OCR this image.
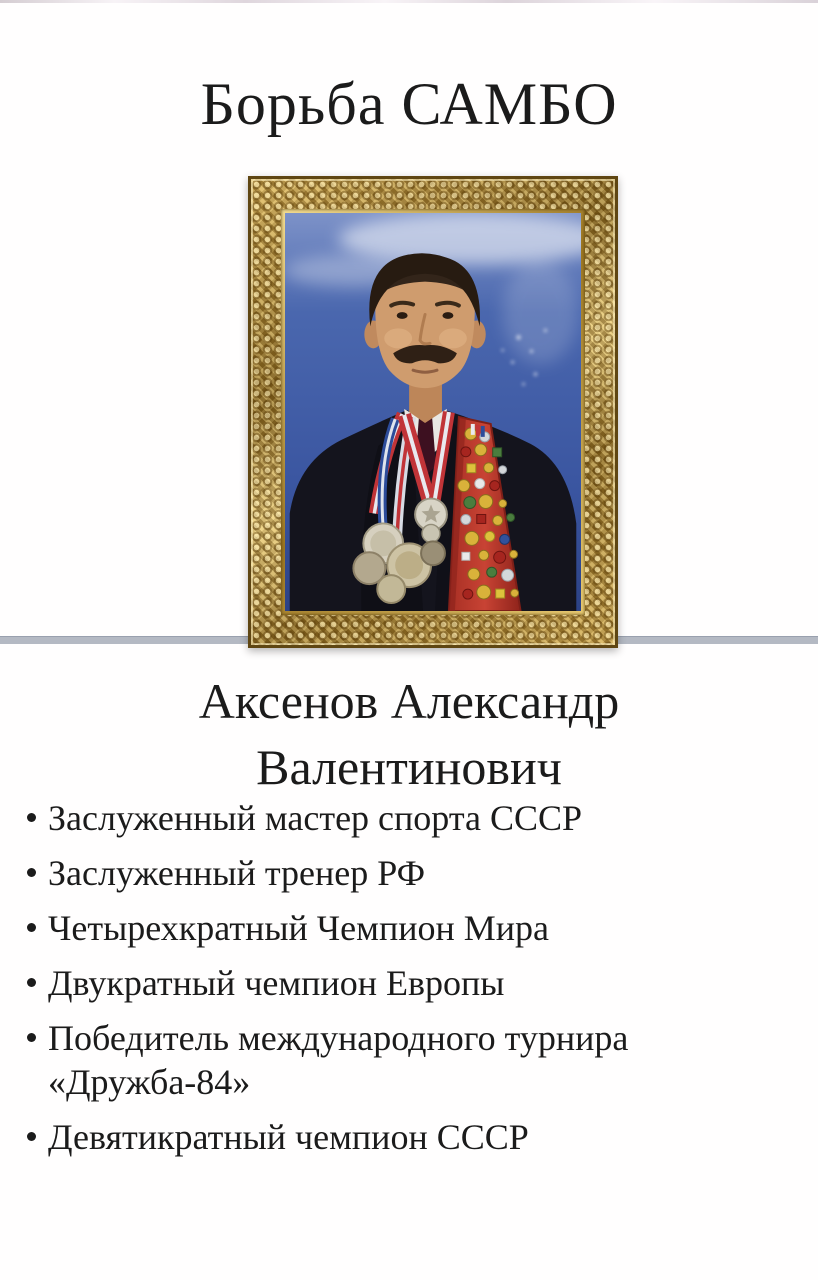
Борьба САМБО
Аксенов Александр Валентинович
Заслуженный мастер спорта СССР
Заслуженный тренер РФ
Четырехкратный Чемпион Мира
Двукратный чемпион Европы
Победитель международного турнира «Дружба-84»
Девятикратный чемпион СССР
